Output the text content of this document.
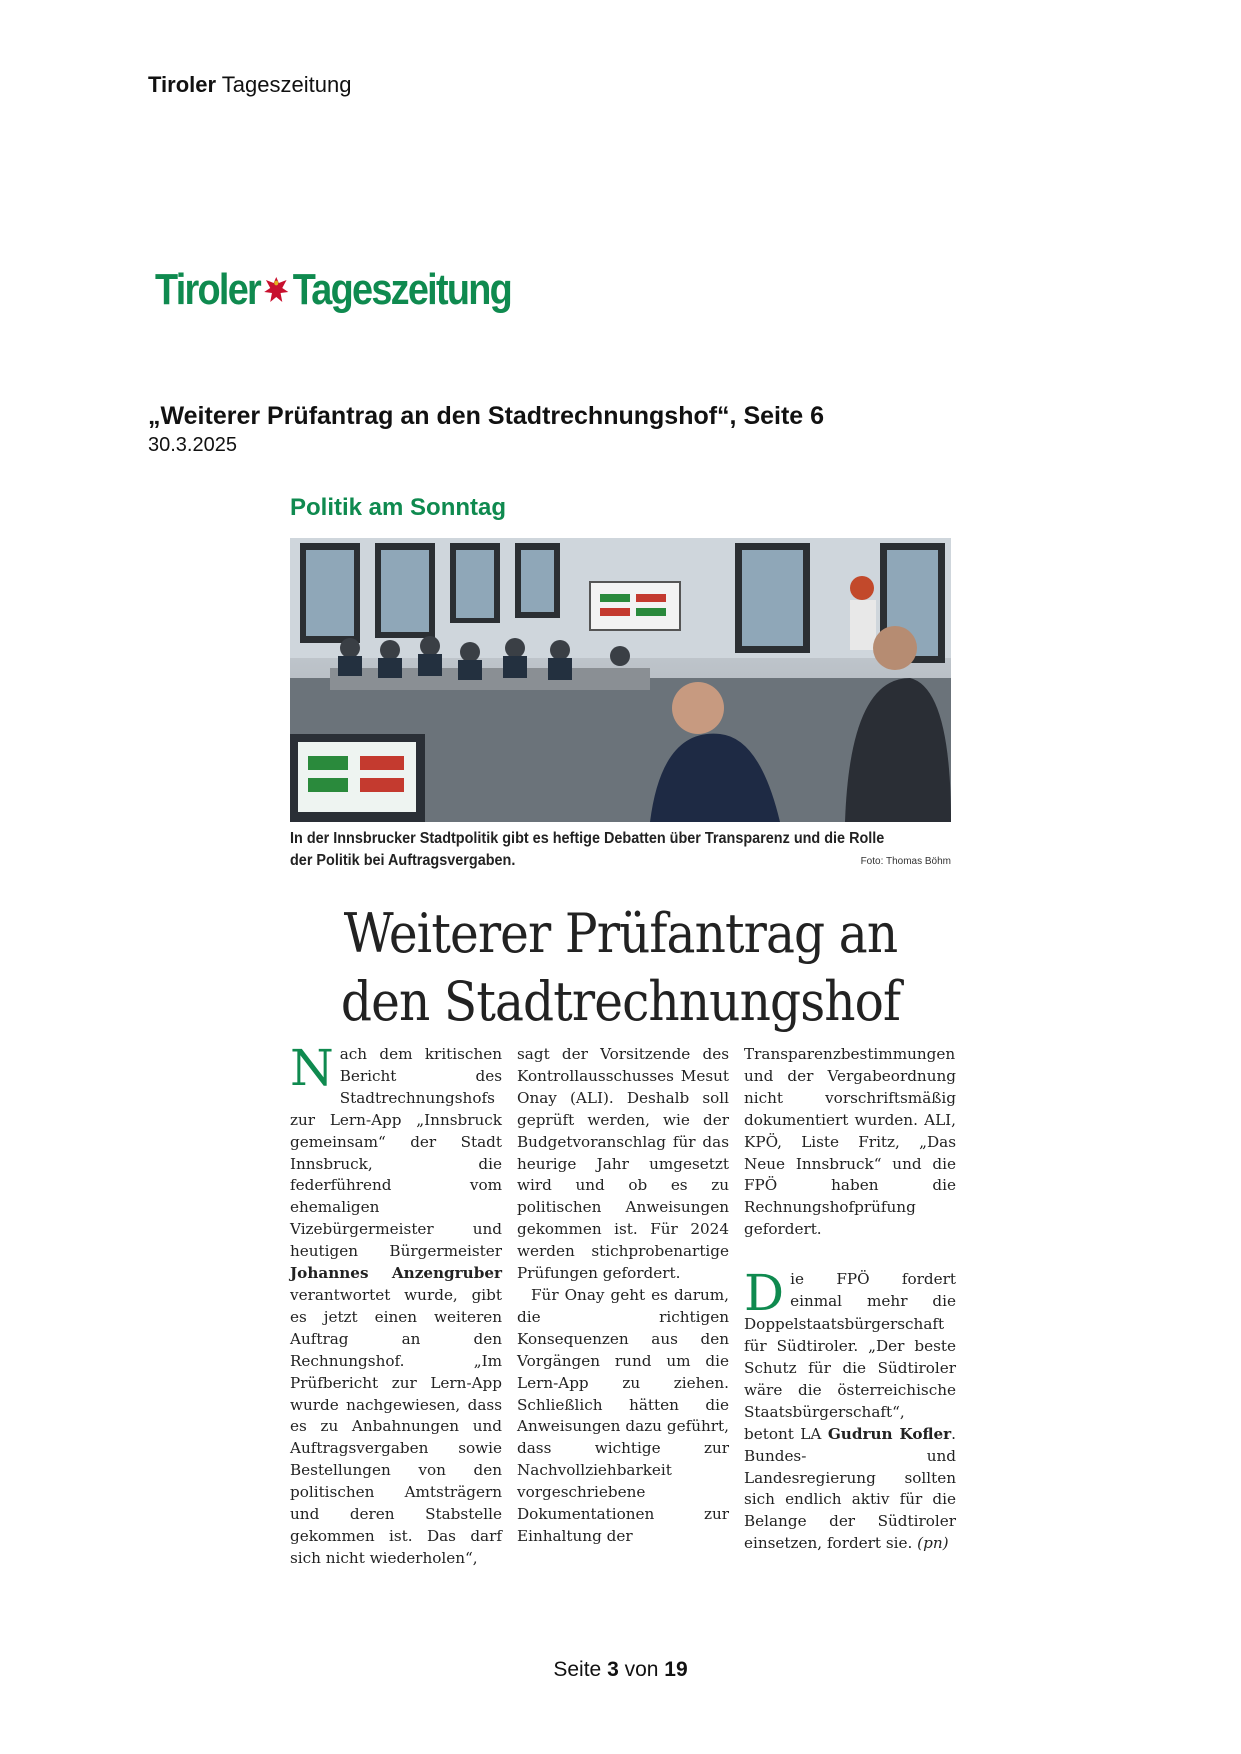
Tiroler Tageszeitung
Tiroler Tageszeitung
„Weiterer Prüfantrag an den Stadtrechnungshof“, Seite 6
30.3.2025
Politik am Sonntag
In der Innsbrucker Stadtpolitik gibt es heftige Debatten über Transparenz und die Rolle der Politik bei Auftragsvergaben.	Foto: Thomas Böhm
Weiterer Prüfantrag an
den Stadtrechnungshof

Nach dem kritischen Bericht des Stadtrechnungshofs zur Lern-App „Innsbruck gemeinsam“ der Stadt Innsbruck, die federführend vom ehemaligen Vizebürgermeister und heutigen Bürgermeister Johannes Anzengruber verantwortet wurde, gibt es jetzt einen weiteren Auftrag an den Rechnungshof. „Im Prüfbericht zur Lern-App wurde nachgewiesen, dass es zu Anbahnungen und Auftragsvergaben sowie Bestellungen von den politischen Amtsträgern und deren Stabstelle gekommen ist. Das darf sich nicht wiederholen“,

sagt der Vorsitzende des Kontrollausschusses Mesut Onay (ALI). Deshalb soll geprüft werden, wie der Budgetvoranschlag für das heurige Jahr umgesetzt wird und ob es zu politischen Anweisungen gekommen ist. Für 2024 werden stichprobenartige Prüfungen gefordert.

Für Onay geht es darum, die richtigen Konsequenzen aus den Vorgängen rund um die Lern-App zu ziehen. Schließlich hätten die Anweisungen dazu geführt, dass wichtige zur Nachvollziehbarkeit vorgeschriebene Dokumentationen zur Einhaltung der

Transparenzbestimmungen und der Vergabeordnung nicht vorschriftsmäßig dokumentiert wurden. ALI, KPÖ, Liste Fritz, „Das Neue Innsbruck“ und die FPÖ haben die Rechnungshofprüfung gefordert.

Die FPÖ fordert einmal mehr die Doppelstaatsbürgerschaft für Südtiroler. „Der beste Schutz für die Südtiroler wäre die österreichische Staatsbürgerschaft“, betont LA Gudrun Kofler. Bundes- und Landesregierung sollten sich endlich aktiv für die Belange der Südtiroler einsetzen, fordert sie. (pn)

Seite 3 von 19
